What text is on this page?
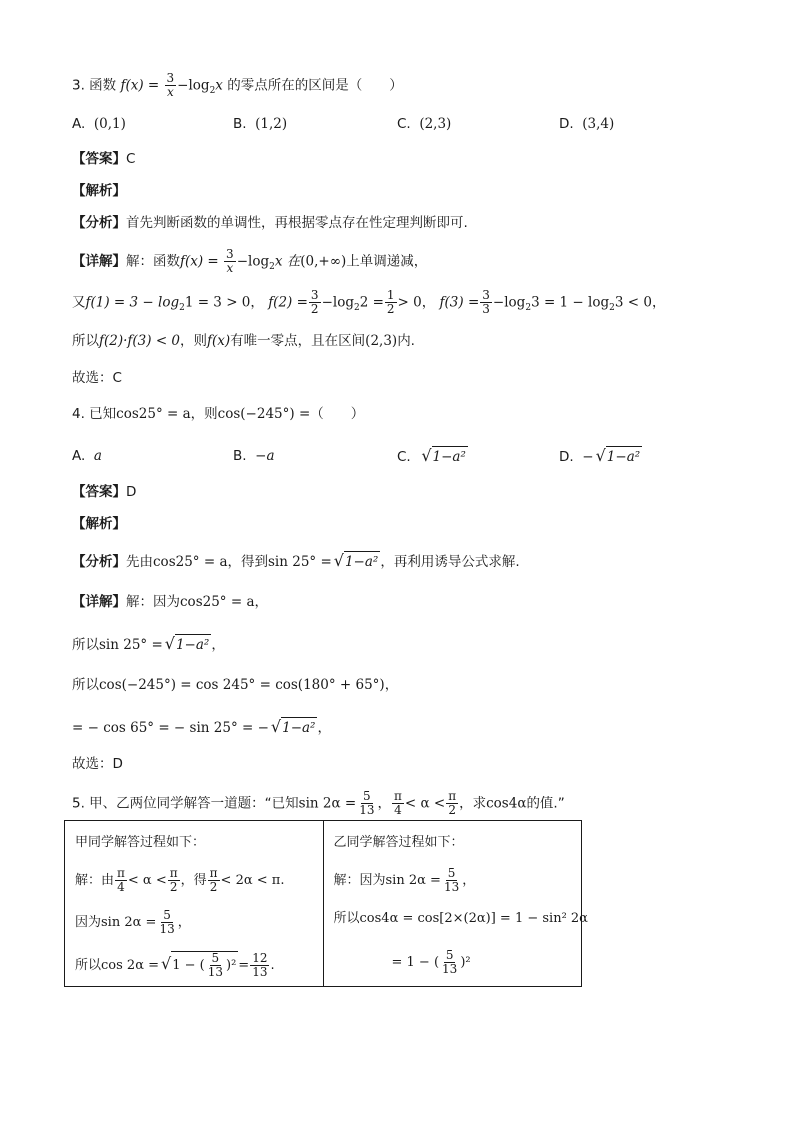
3. 函数 $f(x) = \frac{3}{x} -\log_2x$ 的零点所在的区间是（　　）
A. (0,1)	B. (1,2)	C. (2,3)	D. (3,4)
【答案】C
【解析】
【分析】首先判断函数的单调性，再根据零点存在性定理判断即可.
【详解】解：函数$f(x) = \frac{3}{x} -\log_2x$ 在(0,+∞)上单调递减，
又$f(1) = 3 - \log_21 = 3 > 0$， $f(2) = \frac{3}{2} -\log_22 = \frac{1}{2} > 0$， $f(3) = \frac{3}{3} -\log_23 = 1 - \log_23 < 0$，
所以f(2)·f(3) < 0，则f(x)有唯一零点，且在区间(2,3)内.
故选：C
4. 已知cos25° = a，则cos(−245°) =（　　）
A. a	B. −a	C. √1−a²	D. − √1−a²
【答案】D
【解析】
【分析】先由cos25° = a，得到sin 25° = √1−a² ，再利用诱导公式求解.
【详解】解：因为cos25° = a，
所以sin 25° = √1−a² ，
所以cos(−245°) = cos 245° = cos(180° + 65°)，
= − cos 65° = − sin 25° = − √1−a² ，
故选：D
5. 甲、乙两位同学解答一道题：“已知$\sin 2\alpha = \frac{5}{13}$ ， $\frac{\pi}{4} < \alpha < \frac{\pi}{2}$ ，求cos4α的值.”
甲同学解答过程如下：
解：由 $\frac{\pi}{4} < \alpha < \frac{\pi}{2}$ ，得 $\frac{\pi}{2} < 2\alpha < \pi$.
因为$\sin 2\alpha = \frac{5}{13}$ ，
所以cos 2α = √1 − ( $\frac{5}{13} )^2 = \frac{12}{13}$ .

乙同学解答过程如下：
解：因为$\sin 2\alpha = \frac{5}{13}$ ，
所以cos4α = cos[2×(2α)] = 1 − sin² 2α
= 1 − ( $\frac{5}{13} )^2$
